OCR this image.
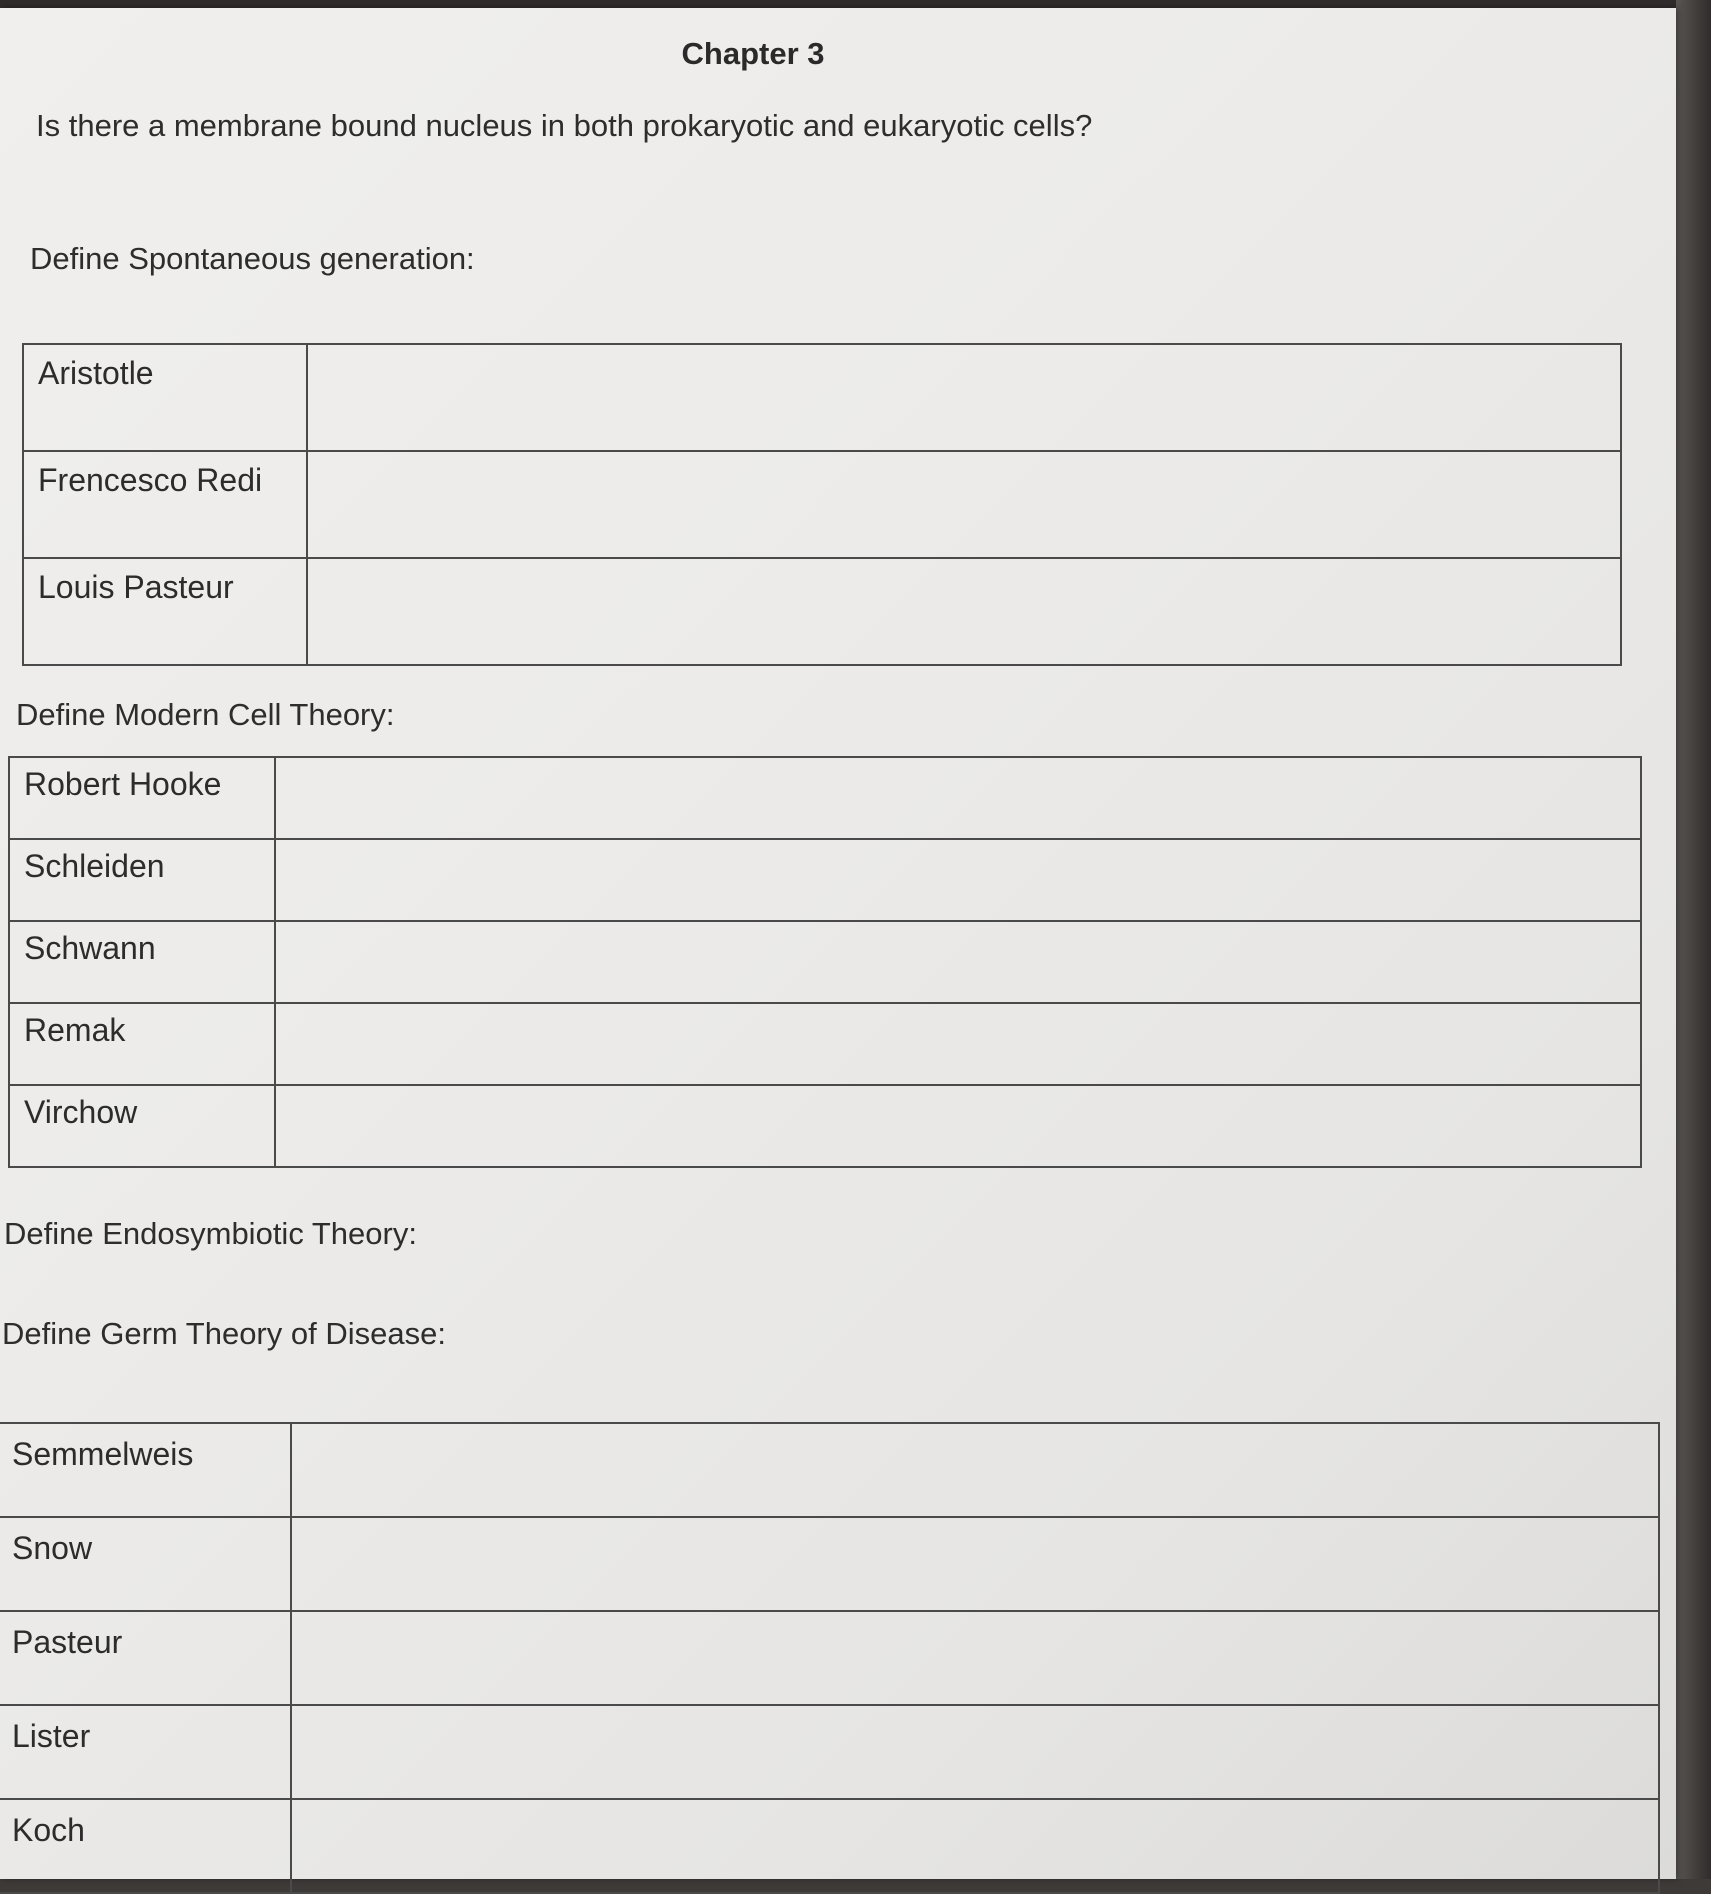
Chapter 3
Is there a membrane bound nucleus in both prokaryotic and eukaryotic cells?
Define Spontaneous generation:
Aristotle	
Frencesco Redi	
Louis Pasteur	
Define Modern Cell Theory:
Robert Hooke	
Schleiden	
Schwann	
Remak	
Virchow	
Define Endosymbiotic Theory:
Define Germ Theory of Disease:
Semmelweis	
Snow	
Pasteur	
Lister	
Koch	
